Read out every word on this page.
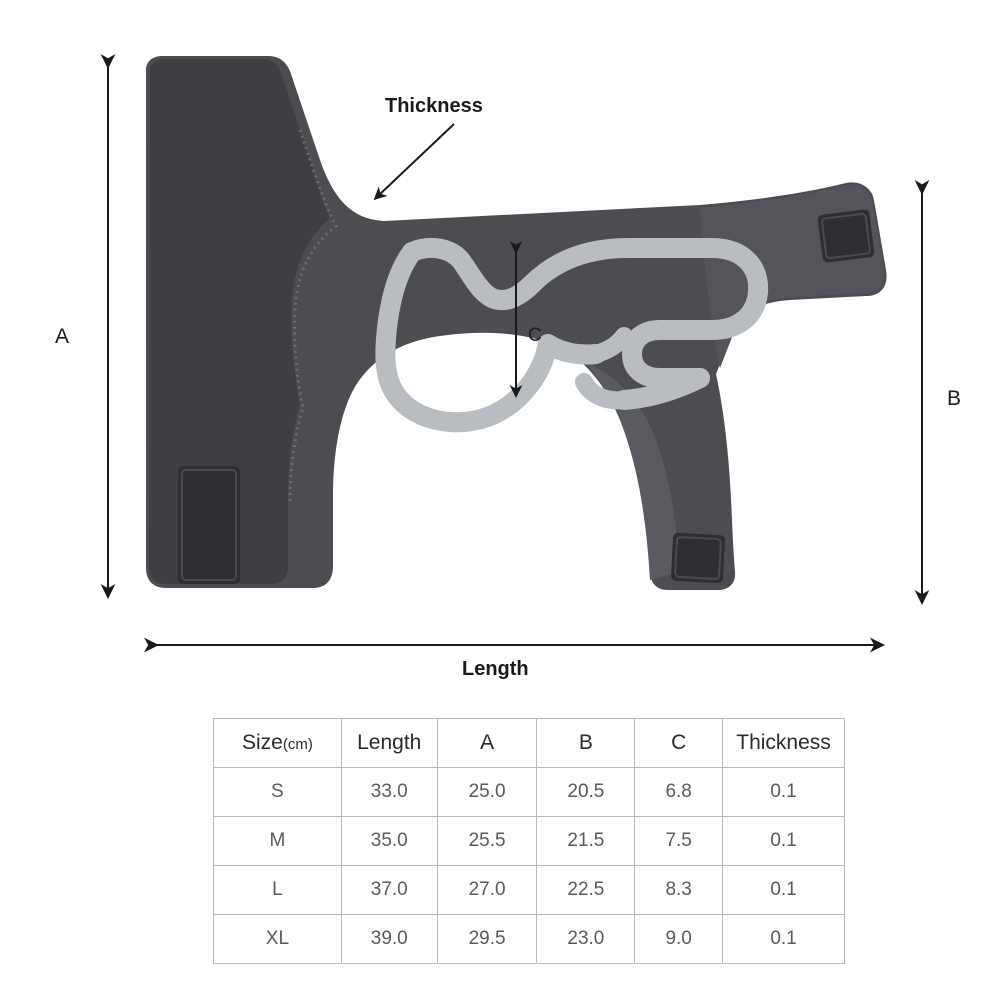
A
B
C
Length
Thickness
Size(cm)	Length	A	B	C	Thickness
S	33.0	25.0	20.5	6.8	0.1
M	35.0	25.5	21.5	7.5	0.1
L	37.0	27.0	22.5	8.3	0.1
XL	39.0	29.5	23.0	9.0	0.1
